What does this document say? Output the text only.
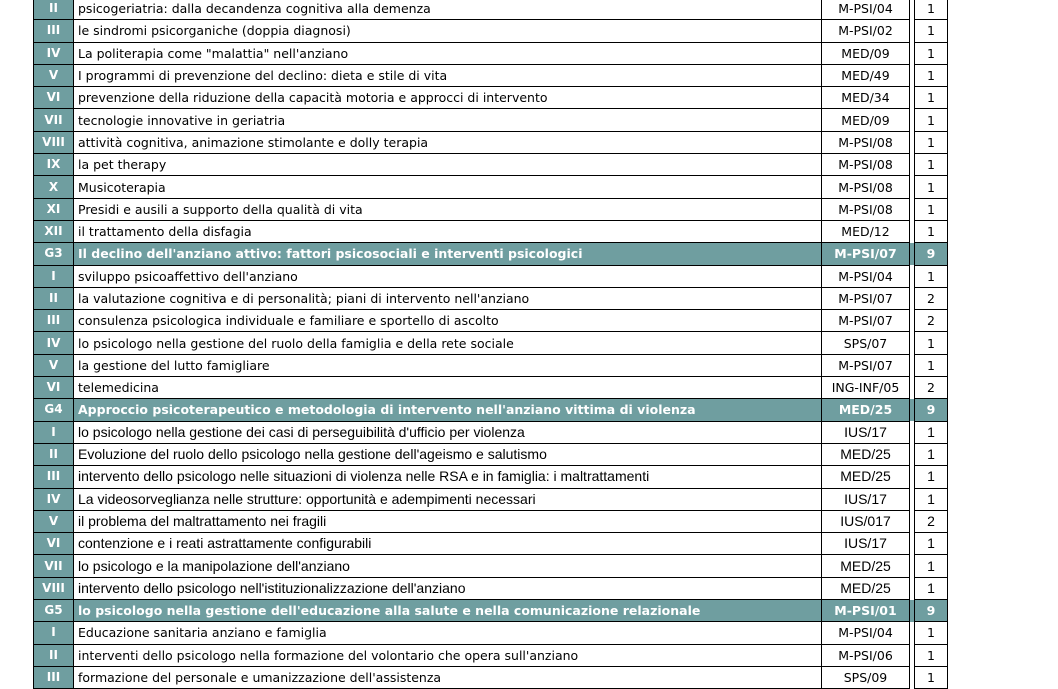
II	psicogeriatria: dalla decandenza cognitiva alla demenza	M-PSI/04		1
III	le sindromi psicorganiche (doppia diagnosi)	M-PSI/02		1
IV	La politerapia come "malattia" nell'anziano	MED/09		1
V	I programmi di prevenzione del declino: dieta e stile di vita	MED/49		1
VI	prevenzione della riduzione della capacità motoria e approcci di intervento	MED/34		1
VII	tecnologie innovative in geriatria	MED/09		1
VIII	attività cognitiva, animazione stimolante e dolly terapia	M-PSI/08		1
IX	la pet therapy	M-PSI/08		1
X	Musicoterapia	M-PSI/08		1
XI	Presidi e ausili a supporto della qualità di vita	M-PSI/08		1
XII	il trattamento della disfagia	MED/12		1
G3	Il declino dell'anziano attivo: fattori psicosociali e interventi psicologici	M-PSI/07		9
I	sviluppo psicoaffettivo dell'anziano	M-PSI/04		1
II	la valutazione cognitiva e di personalità; piani di intervento nell'anziano	M-PSI/07		2
III	consulenza psicologica individuale e familiare e sportello di ascolto	M-PSI/07		2
IV	lo psicologo nella gestione del ruolo della famiglia e della rete sociale	SPS/07		1
V	la gestione del lutto famigliare	M-PSI/07		1
VI	telemedicina	ING-INF/05		2
G4	Approccio psicoterapeutico e metodologia di intervento nell'anziano vittima di violenza	MED/25		9
I	lo psicologo nella gestione dei casi di perseguibilità d'ufficio per violenza	IUS/17		1
II	Evoluzione del ruolo dello psicologo nella gestione dell'ageismo e salutismo	MED/25		1
III	intervento dello psicologo nelle situazioni di violenza nelle RSA e in famiglia: i maltrattamenti	MED/25		1
IV	La videosorveglianza nelle strutture: opportunità e adempimenti necessari	IUS/17		1
V	il problema del maltrattamento nei fragili	IUS/017		2
VI	contenzione e i reati astrattamente configurabili	IUS/17		1
VII	lo psicologo e la manipolazione dell'anziano	MED/25		1
VIII	intervento dello psicologo nell'istituzionalizzazione dell'anziano	MED/25		1
G5	lo psicologo nella gestione dell'educazione alla salute e nella comunicazione relazionale	M-PSI/01		9
I	Educazione sanitaria anziano e famiglia	M-PSI/04		1
II	interventi dello psicologo nella formazione del volontario che opera sull'anziano	M-PSI/06		1
III	formazione del personale e umanizzazione dell'assistenza	SPS/09		1
